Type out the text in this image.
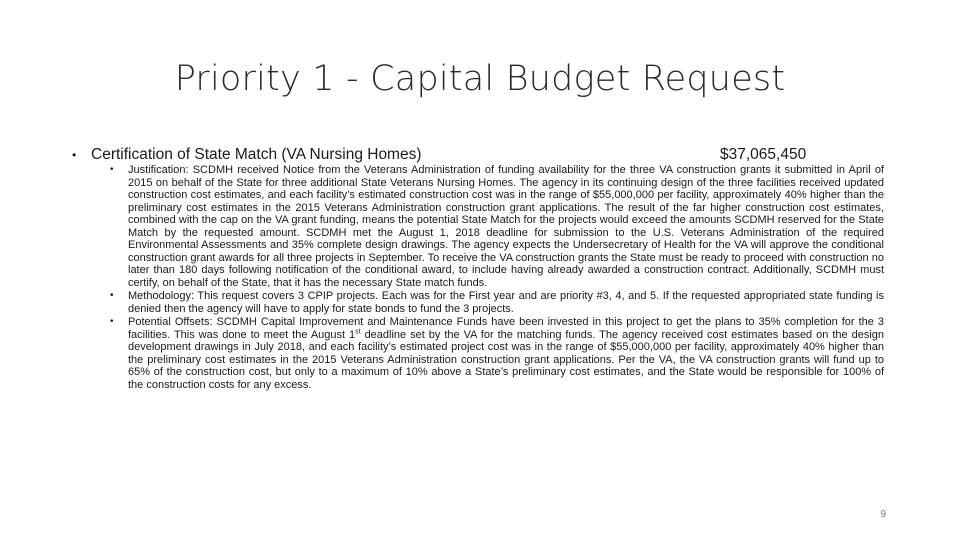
Priority 1 - Capital Budget Request
• Certification of State Match (VA Nursing Homes)	$37,065,450
• Justification: SCDMH received Notice from the Veterans Administration of funding availability for the three VA construction grants it submitted in April of 2015 on behalf of the State for three additional State Veterans Nursing Homes. The agency in its continuing design of the three facilities received updated construction cost estimates, and each facility’s estimated construction cost was in the range of $55,000,000 per facility, approximately 40% higher than the preliminary cost estimates in the 2015 Veterans Administration construction grant applications. The result of the far higher construction cost estimates, combined with the cap on the VA grant funding, means the potential State Match for the projects would exceed the amounts SCDMH reserved for the State Match by the requested amount. SCDMH met the August 1, 2018 deadline for submission to the U.S. Veterans Administration of the required Environmental Assessments and 35% complete design drawings. The agency expects the Undersecretary of Health for the VA will approve the conditional construction grant awards for all three projects in September. To receive the VA construction grants the State must be ready to proceed with construction no later than 180 days following notification of the conditional award, to include having already awarded a construction contract. Additionally, SCDMH must certify, on behalf of the State, that it has the necessary State match funds.
• Methodology: This request covers 3 CPIP projects. Each was for the First year and are priority #3, 4, and 5. If the requested appropriated state funding is denied then the agency will have to apply for state bonds to fund the 3 projects.
• Potential Offsets: SCDMH Capital Improvement and Maintenance Funds have been invested in this project to get the plans to 35% completion for the 3 facilities. This was done to meet the August 1st deadline set by the VA for the matching funds. The agency received cost estimates based on the design development drawings in July 2018, and each facility’s estimated project cost was in the range of $55,000,000 per facility, approximately 40% higher than the preliminary cost estimates in the 2015 Veterans Administration construction grant applications. Per the VA, the VA construction grants will fund up to 65% of the construction cost, but only to a maximum of 10% above a State’s preliminary cost estimates, and the State would be responsible for 100% of the construction costs for any excess.
9
